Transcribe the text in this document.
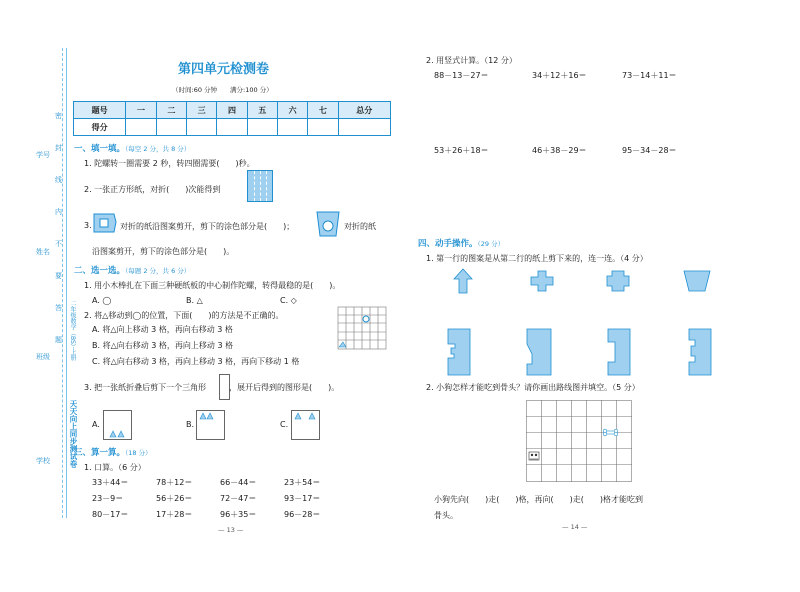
学号
姓名
班级
学校
密
封
线
内
不
要
答
题 二年级数学（BS）·上册
天天向上同步测试卷
第四单元检测卷
（时间:60 分钟　　满分:100 分）
题号	一	二	三	四	五	六	七	总分
得分								
一、填一填。（每空 2 分，共 8 分）
1. 陀螺转一圈需要 2 秒，转四圈需要(　　)秒。
2. 一张正方形纸，对折(　　)次能得到
3.	对折的纸沿图案剪开，剪下的涂色部分是(　　)；	对折的纸
沿图案剪开，剪下的涂色部分是(　　)。
二、选一选。（每题 2 分，共 6 分）
1. 用小木棒扎在下面三种硬纸板的中心制作陀螺，转得最稳的是(　　)。
A. ◯	B. △	C. ◇
2. 将△移动到◯的位置，下面(　　)的方法是不正确的。
A. 将△向上移动 3 格，再向右移动 3 格
B. 将△向右移动 3 格，再向上移动 3 格
C. 将△向右移动 3 格，再向上移动 3 格，再向下移动 1 格
3. 把一张纸折叠后剪下一个三角形	，展开后得到的图形是(　　)。
A.	B.	C.
三、算一算。（18 分）
1. 口算。（6 分）
33＋44＝	78＋12＝	66－44＝	23＋54＝
23－9＝	56＋26＝	72－47＝	93－17＝
80－17＝	17＋28＝	96＋35＝	96－28＝
— 13 —
2. 用竖式计算。（12 分）
88－13－27＝	34＋12＋16＝	73－14＋11＝
53＋26＋18＝	46＋38－29＝	95－34－28＝
四、动手操作。（29 分）
1. 第一行的图案是从第二行的纸上剪下来的，连一连。（4 分）
2. 小狗怎样才能吃到骨头？请你画出路线图并填空。（5 分）
小狗先向(　　)走(　　)格，再向(　　)走(　　)格才能吃到
骨头。
— 14 —
